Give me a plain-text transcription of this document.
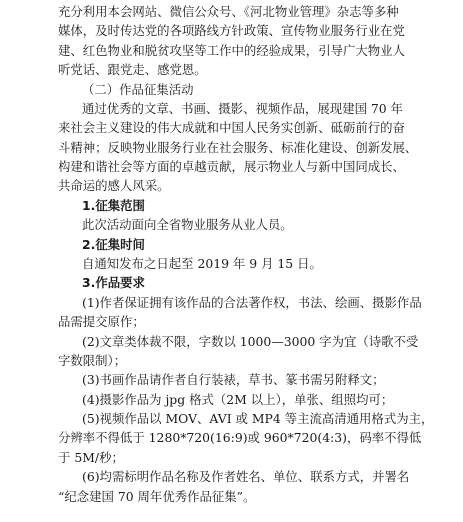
充分利用本会网站、微信公众号、《河北物业管理》杂志等多种
媒体，及时传达党的各项路线方针政策、宣传物业服务行业在党
建、红色物业和脱贫攻坚等工作中的经验成果，引导广大物业人
听党话、跟党走、感党恩。
（二）作品征集活动
通过优秀的文章、书画、摄影、视频作品，展现建国 70 年
来社会主义建设的伟大成就和中国人民务实创新、砥砺前行的奋
斗精神；反映物业服务行业在社会服务、标准化建设、创新发展、
构建和谐社会等方面的卓越贡献，展示物业人与新中国同成长、
共命运的感人风采。
1.征集范围
此次活动面向全省物业服务从业人员。
2.征集时间
自通知发布之日起至 2019 年 9 月 15 日。
3.作品要求
(1)作者保证拥有该作品的合法著作权，书法、绘画、摄影作品
品需提交原作；
(2)文章类体裁不限，字数以 1000—3000 字为宜（诗歌不受
字数限制）；
(3)书画作品请作者自行装裱，草书、篆书需另附释文；
(4)摄影作品为 jpg 格式（2M 以上），单张、组照均可；
(5)视频作品以 MOV、AVI 或 MP4 等主流高清通用格式为主，
分辨率不得低于 1280*720(16:9)或 960*720(4:3)，码率不得低
于 5M/秒；
(6)均需标明作品名称及作者姓名、单位、联系方式，并署名
“纪念建国 70 周年优秀作品征集”。
